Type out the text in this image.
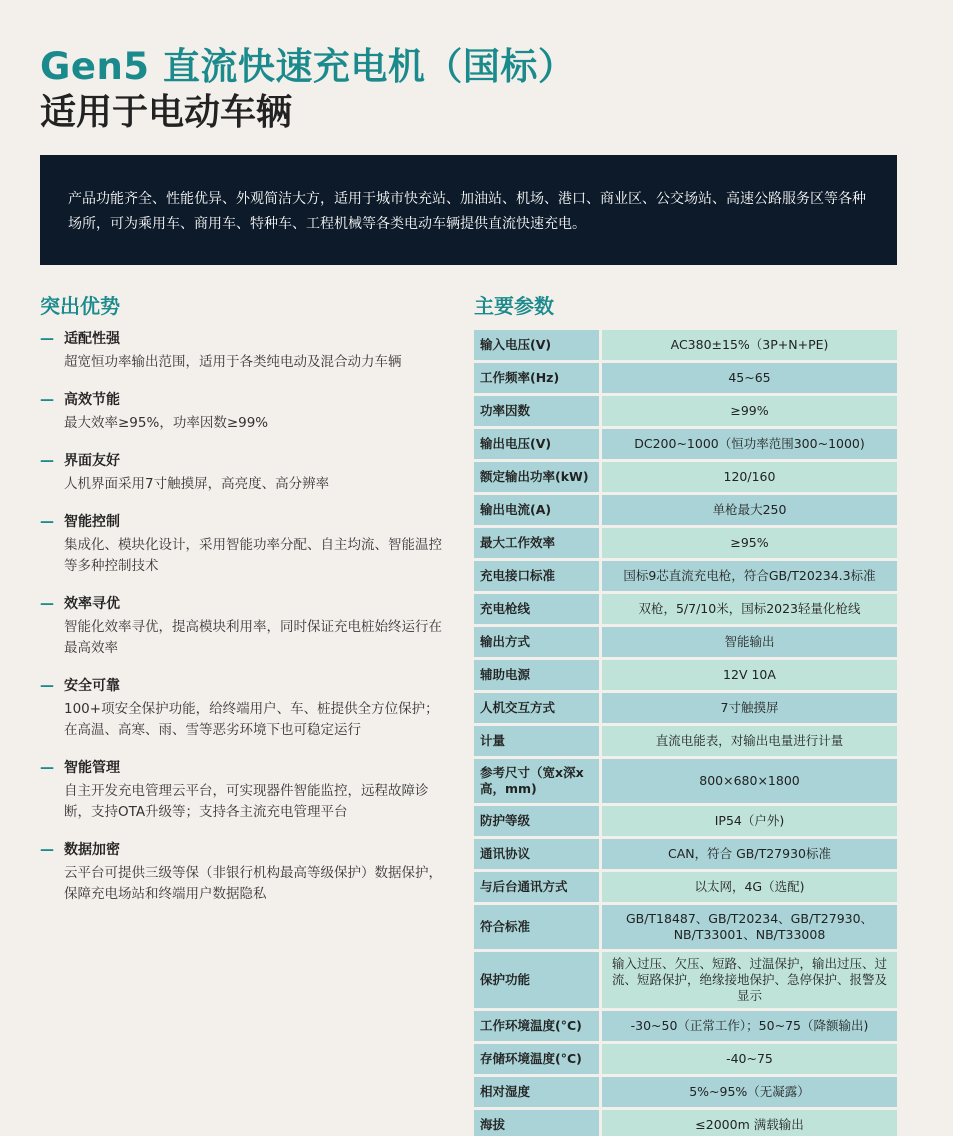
Gen5 直流快速充电机（国标）
适用于电动车辆

产品功能齐全、性能优异、外观简洁大方，适用于城市快充站、加油站、机场、港口、商业区、公交场站、高速公路服务区等各种场所，可为乘用车、商用车、特种车、工程机械等各类电动车辆提供直流快速充电。

突出优势	主要参数
— 适配性强
超宽恒功率输出范围，适用于各类纯电动及混合动力车辆
— 高效节能
最大效率≥95%，功率因数≥99%
— 界面友好
人机界面采用7寸触摸屏，高亮度、高分辨率
— 智能控制
集成化、模块化设计，采用智能功率分配、自主均流、智能温控等多种控制技术
— 效率寻优
智能化效率寻优，提高模块利用率，同时保证充电桩始终运行在最高效率
— 安全可靠
100+项安全保护功能，给终端用户、车、桩提供全方位保护；在高温、高寒、雨、雪等恶劣环境下也可稳定运行
— 智能管理
自主开发充电管理云平台，可实现器件智能监控，远程故障诊断，支持OTA升级等；支持各主流充电管理平台
— 数据加密
云平台可提供三级等保（非银行机构最高等级保护）数据保护，保障充电场站和终端用户数据隐私
输入电压(V)	AC380±15%（3P+N+PE)
工作频率(Hz)	45~65
功率因数	≥99%
输出电压(V)	DC200~1000（恒功率范围300~1000)
额定输出功率(kW)	120/160
输出电流(A)	单枪最大250
最大工作效率	≥95%
充电接口标准	国标9芯直流充电枪，符合GB/T20234.3标准
充电枪线	双枪，5/7/10米，国标2023轻量化枪线
输出方式	智能输出
辅助电源	12V 10A
人机交互方式	7寸触摸屏
计量	直流电能表，对输出电量进行计量
参考尺寸（宽x深x高，mm)	800×680×1800
防护等级	IP54（户外)
通讯协议	CAN，符合 GB/T27930标准
与后台通讯方式	以太网，4G（选配)
符合标准	GB/T18487、GB/T20234、GB/T27930、NB/T33001、NB/T33008
保护功能	输入过压、欠压、短路、过温保护，输出过压、过流、短路保护，绝缘接地保护、急停保护、报警及显示
工作环境温度(°C)	-30~50（正常工作）；50~75（降额输出)
存储环境温度(°C)	-40~75
相对湿度	5%~95%（无凝露）
海拔	≤2000m 满载输出
